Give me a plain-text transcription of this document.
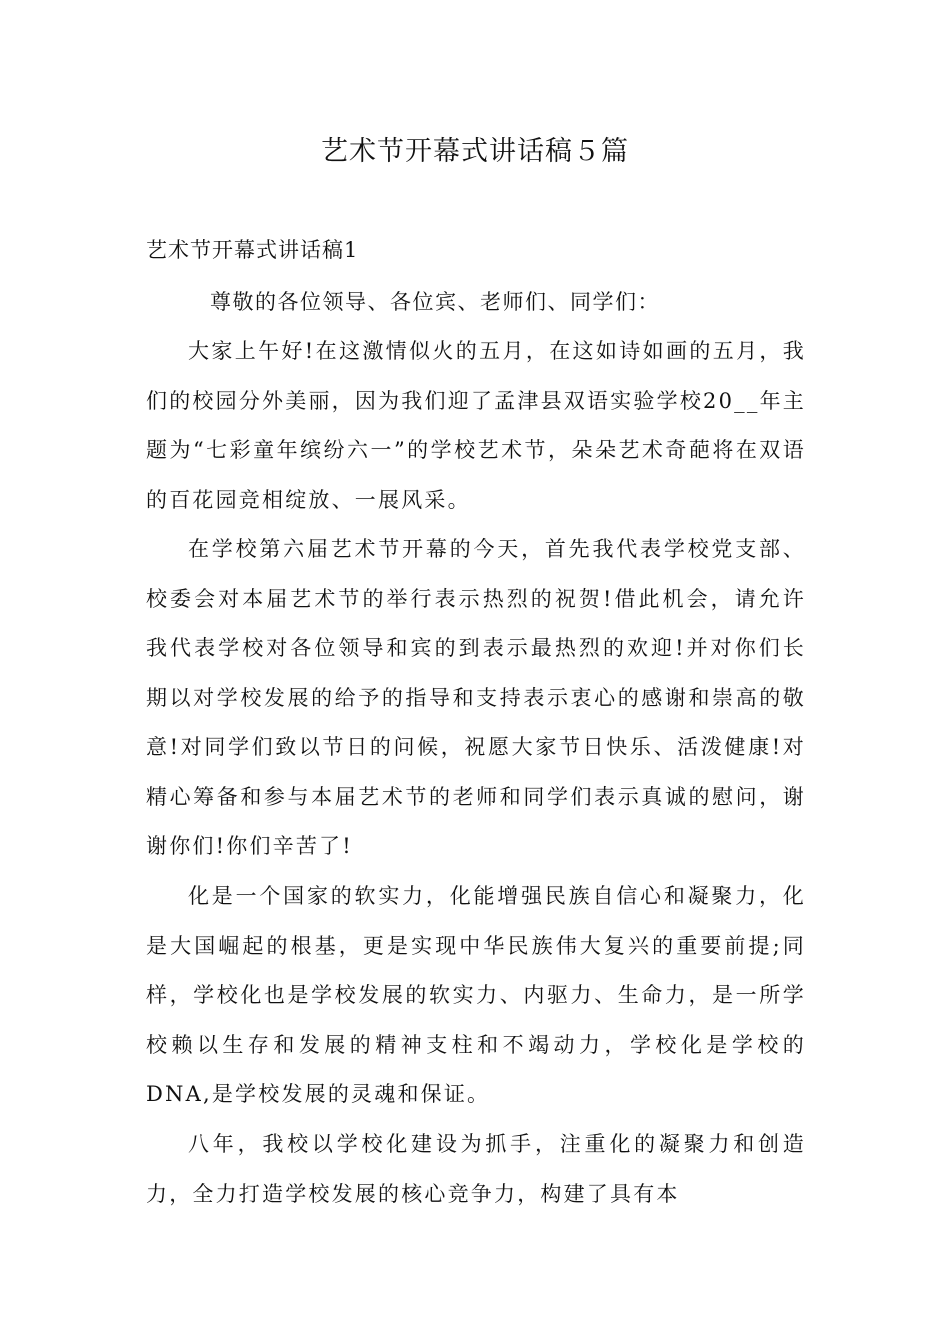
艺术节开幕式讲话稿５篇
艺术节开幕式讲话稿1

尊敬的各位领导、各位宾、老师们、同学们：

大家上午好!在这激情似火的五月，在这如诗如画的五月，我们的校园分外美丽，因为我们迎了孟津县双语实验学校20__年主题为“七彩童年缤纷六一”的学校艺术节，朵朵艺术奇葩将在双语的百花园竞相绽放、一展风采。

在学校第六届艺术节开幕的今天，首先我代表学校党支部、校委会对本届艺术节的举行表示热烈的祝贺!借此机会，请允许我代表学校对各位领导和宾的到表示最热烈的欢迎!并对你们长期以对学校发展的给予的指导和支持表示衷心的感谢和崇高的敬意!对同学们致以节日的问候，祝愿大家节日快乐、活泼健康!对精心筹备和参与本届艺术节的老师和同学们表示真诚的慰问，谢谢你们!你们辛苦了!

化是一个国家的软实力，化能增强民族自信心和凝聚力，化是大国崛起的根基，更是实现中华民族伟大复兴的重要前提;同样，学校化也是学校发展的软实力、内驱力、生命力，是一所学校赖以生存和发展的精神支柱和不竭动力，学校化是学校的DNA,是学校发展的灵魂和保证。

八年，我校以学校化建设为抓手，注重化的凝聚力和创造力，全力打造学校发展的核心竞争力，构建了具有本
